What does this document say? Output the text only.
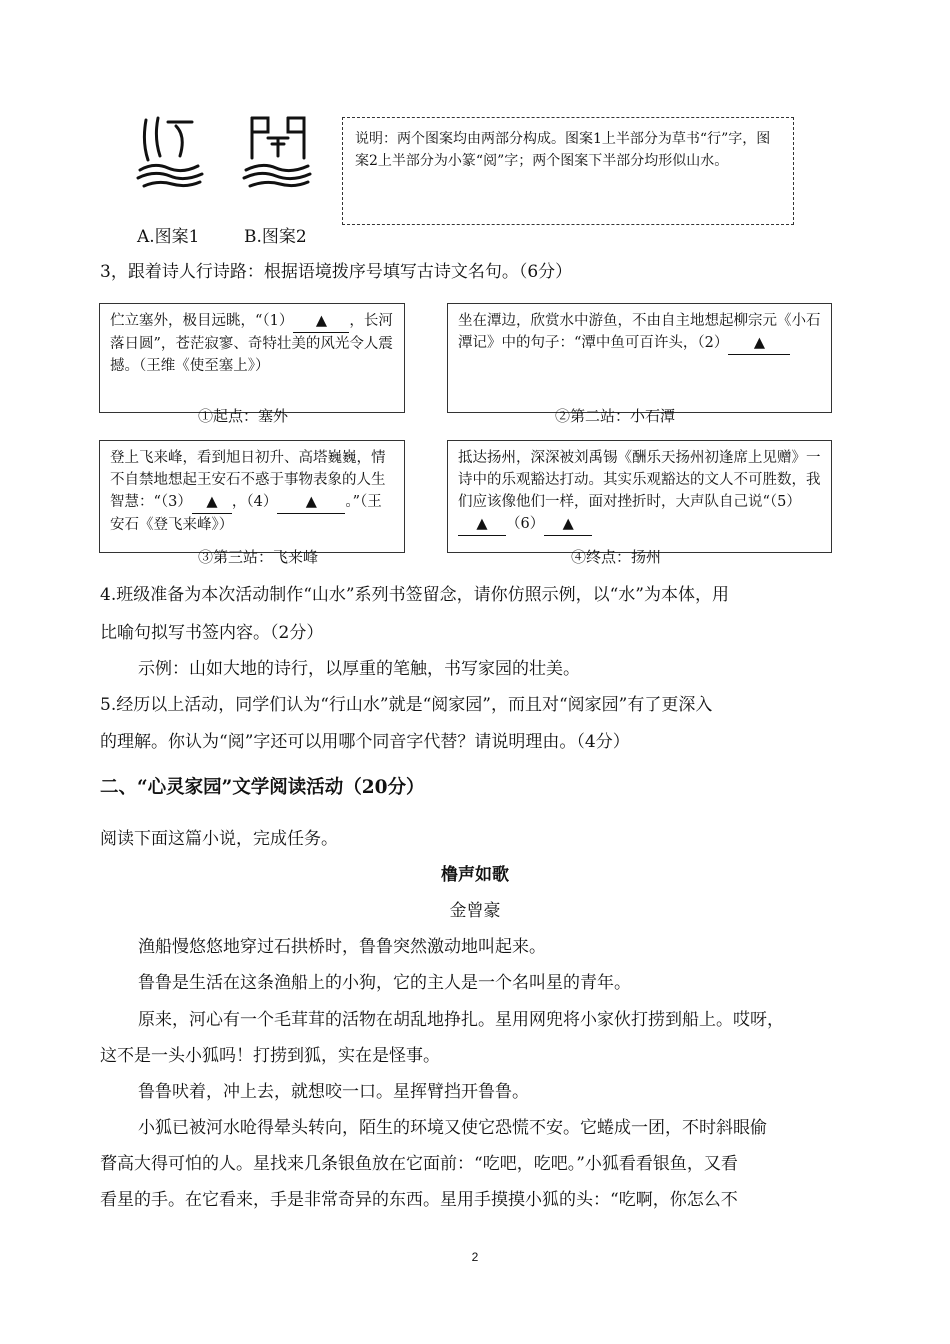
说明：两个图案均由两部分构成。图案1上半部分为草书“行”字，图案2上半部分为小篆“阅”字；两个图案下半部分均形似山水。
A.图案1	B.图案2
3，跟着诗人行诗路：根据语境拨序号填写古诗文名句。（6分）
伫立塞外，极目远眺，“（1） ▲ ，长河落日圆”，苍茫寂寥、奇特壮美的风光令人震撼。（王维《使至塞上》）
①起点：塞外
坐在潭边，欣赏水中游鱼，不由自主地想起柳宗元《小石潭记》中的句子：“潭中鱼可百许头，（2） ▲
②第二站：小石潭
登上飞来峰，看到旭日初升、高塔巍巍，情不自禁地想起王安石不惑于事物表象的人生智慧：“（3） ▲ ，（4） ▲ 。”（王安石《登飞来峰》）
③第三站：飞来峰
抵达扬州，深深被刘禹锡《酬乐天扬州初逢席上见赠》一诗中的乐观豁达打动。其实乐观豁达的文人不可胜数，我们应该像他们一样，面对挫折时，大声队自己说“（5）▲ （6） ▲
④终点：扬州
4.班级准备为本次活动制作“山水”系列书签留念，请你仿照示例，以“水”为本体，用
比喻句拟写书签内容。（2分）
示例：山如大地的诗行，以厚重的笔触，书写家园的壮美。
5.经历以上活动，同学们认为“行山水”就是“阅家园”，而且对“阅家园”有了更深入
的理解。你认为“阅”字还可以用哪个同音字代替？请说明理由。（4分）
二、“心灵家园”文学阅读活动（20分）
阅读下面这篇小说，完成任务。
橹声如歌
金曾豪
渔船慢悠悠地穿过石拱桥时，鲁鲁突然激动地叫起来。
鲁鲁是生活在这条渔船上的小狗，它的主人是一个名叫星的青年。
原来，河心有一个毛茸茸的活物在胡乱地挣扎。星用网兜将小家伙打捞到船上。哎呀，
这不是一头小狐吗！打捞到狐，实在是怪事。
鲁鲁吠着，冲上去，就想咬一口。星挥臂挡开鲁鲁。
小狐已被河水呛得晕头转向，陌生的环境又使它恐慌不安。它蜷成一团，不时斜眼偷
瞀高大得可怕的人。星找来几条银鱼放在它面前：“吃吧，吃吧。”小狐看看银鱼，又看
看星的手。在它看来，手是非常奇异的东西。星用手摸摸小狐的头：“吃啊，你怎么不
2
